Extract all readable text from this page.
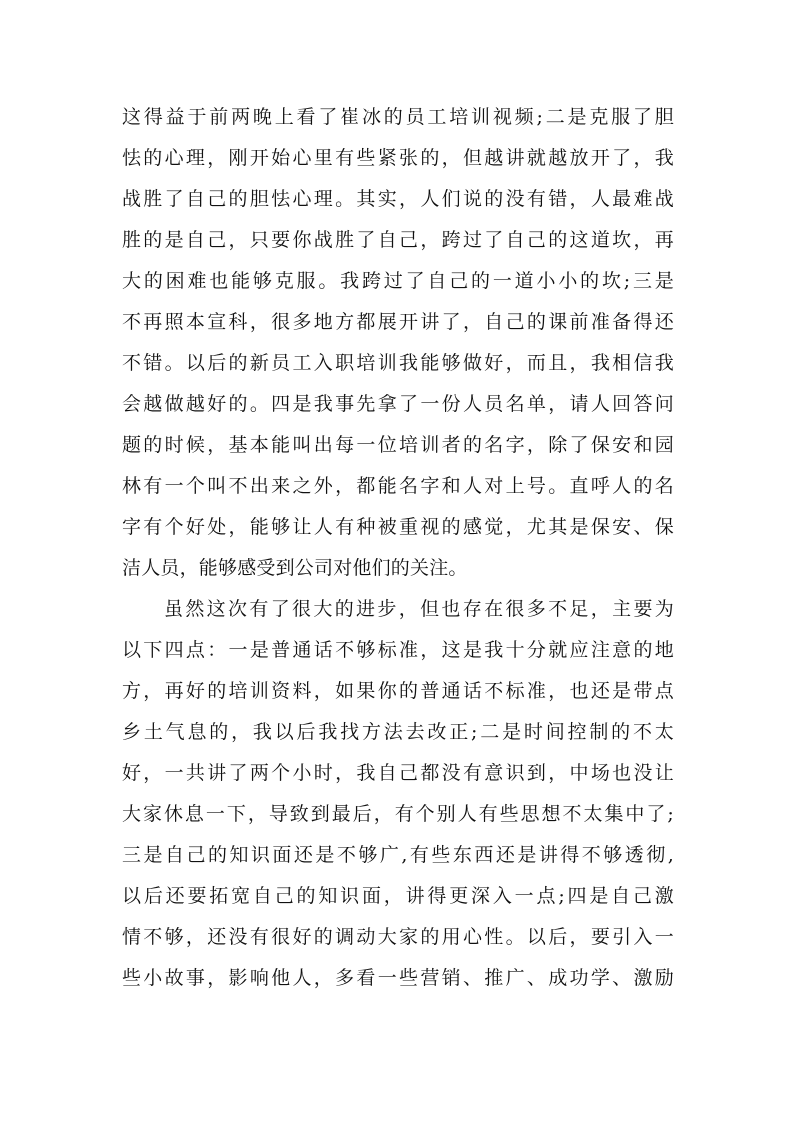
这得益于前两晚上看了崔冰的员工培训视频;二是克服了胆
怯的心理，刚开始心里有些紧张的，但越讲就越放开了，我
战胜了自己的胆怯心理。其实，人们说的没有错，人最难战
胜的是自己，只要你战胜了自己，跨过了自己的这道坎，再
大的困难也能够克服。我跨过了自己的一道小小的坎;三是
不再照本宣科，很多地方都展开讲了，自己的课前准备得还
不错。以后的新员工入职培训我能够做好，而且，我相信我
会越做越好的。四是我事先拿了一份人员名单，请人回答问
题的时候，基本能叫出每一位培训者的名字，除了保安和园
林有一个叫不出来之外，都能名字和人对上号。直呼人的名
字有个好处，能够让人有种被重视的感觉，尤其是保安、保
洁人员，能够感受到公司对他们的关注。
虽然这次有了很大的进步，但也存在很多不足，主要为
以下四点：一是普通话不够标准，这是我十分就应注意的地
方，再好的培训资料，如果你的普通话不标准，也还是带点
乡土气息的，我以后我找方法去改正;二是时间控制的不太
好，一共讲了两个小时，我自己都没有意识到，中场也没让
大家休息一下，导致到最后，有个别人有些思想不太集中了;
三是自己的知识面还是不够广,有些东西还是讲得不够透彻,
以后还要拓宽自己的知识面，讲得更深入一点;四是自己激
情不够，还没有很好的调动大家的用心性。以后，要引入一
些小故事，影响他人，多看一些营销、推广、成功学、激励
